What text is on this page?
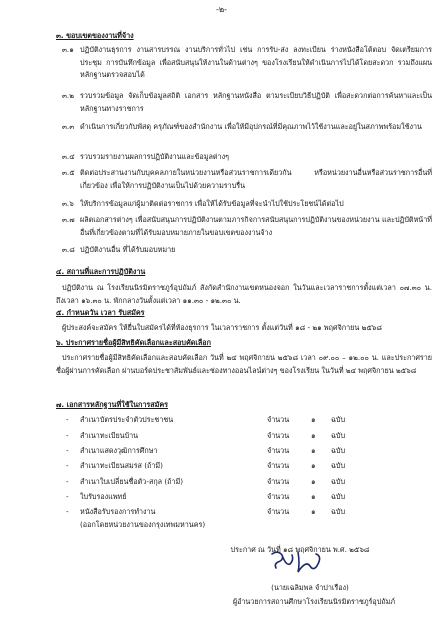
-๒-
๓. ขอบเขตของงานที่จ้าง
๓.๑ ปฏิบัติงานธุรการ งานสารบรรณ งานบริการทั่วไป เช่น การรับ-ส่ง ลงทะเบียน ร่างหนังสือโต้ตอบ จัดเตรียมการประชุม การบันทึกข้อมูล เพื่อสนับสนุนให้งานในด้านต่างๆ ของโรงเรียนให้ดำเนินการไปได้โดยสะดวก รวมถึงแผนหลักฐานตรวจสอบได้
๓.๒ รวบรวมข้อมูล จัดเก็บข้อมูลสถิติ เอกสาร หลักฐานหนังสือ ตามระเบียบวิธีปฏิบัติ เพื่อสะดวกต่อการค้นหาและเป็นหลักฐานทางราชการ
๓.๓ ดำเนินการเกี่ยวกับพัสดุ ครุภัณฑ์ของสำนักงาน เพื่อให้มีอุปกรณ์ที่มีคุณภาพไว้ใช้งานและอยู่ในสภาพพร้อมใช้งาน
๓.๔ รวบรวมรายงานผลการปฏิบัติงานและข้อมูลต่างๆ
๓.๕ ติดต่อประสานงานกับบุคคลภายในหน่วยงานหรือส่วนราชการเดียวกัน หรือหน่วยงานอื่นหรือส่วนราชการอื่นที่เกี่ยวข้อง เพื่อให้การปฏิบัติงานเป็นไปด้วยความราบรื่น
๓.๖ ให้บริการข้อมูลแก่ผู้มาติดต่อราชการ เพื่อให้ได้รับข้อมูลที่จะนำไปใช้ประโยชน์ได้ต่อไป
๓.๗ ผลิตเอกสารต่างๆ เพื่อสนับสนุนการปฏิบัติงานตามภารกิจการสนับสนุนการปฏิบัติงานของหน่วยงาน และปฏิบัติหน้าที่อื่นที่เกี่ยวข้องตามที่ได้รับมอบหมายภายในขอบเขตของงานจ้าง
๓.๘ ปฏิบัติงานอื่น ที่ได้รับมอบหมาย
๔. สถานที่และการปฏิบัติงาน
ปฏิบัติงาน ณ โรงเรียนนิรมิตราชภูร์อุปถัมภ์ สังกัดสำนักงานเขตหนองจอก ในวันและเวลาราชการตั้งแต่เวลา ๐๗.๓๐ น. ถึงเวลา ๑๖.๓๐ น. พักกลางวันตั้งแต่เวลา ๑๑.๓๐ - ๑๒.๓๐ น.
๕. กำหนดวัน เวลา รับสมัคร
ผู้ประสงค์จะสมัคร ให้ยื่นใบสมัครได้ที่ห้องธุรการ ในเวลาราชการ ตั้งแต่วันที่ ๑๘ - ๒๑ พฤศจิกายน ๒๕๖๘
๖. ประกาศรายชื่อผู้มีสิทธิคัดเลือกและสอบคัดเลือก
ประกาศรายชื่อผู้มีสิทธิคัดเลือกและสอบคัดเลือก วันที่ ๒๔ พฤศจิกายน ๒๕๖๘ เวลา ๐๙.๐๐ – ๑๒.๐๐ น. และประกาศรายชื่อผู้ผ่านการคัดเลือก ผ่านบอร์ดประชาสัมพันธ์และช่องทางออนไลน์ต่างๆ ของโรงเรียน ในวันที่ ๒๔ พฤศจิกายน ๒๕๖๘
๗. เอกสารหลักฐานที่ใช้ในการสมัคร
- สำเนาบัตรประจำตัวประชาชน	จำนวน	๑ ฉบับ
- สำเนาทะเบียนบ้าน	จำนวน	๑ ฉบับ
- สำเนาแสดงวุฒิการศึกษา	จำนวน	๑ ฉบับ
- สำเนาทะเบียนสมรส (ถ้ามี)	จำนวน	๑ ฉบับ
- สำเนาใบเปลี่ยนชื่อตัว-สกุล (ถ้ามี)	จำนวน	๑ ฉบับ
- ใบรับรองแพทย์	จำนวน	๑ ฉบับ
- หนังสือรับรองการทำงาน	จำนวน	๑ ฉบับ
(ออกโดยหน่วยงานของกรุงเทพมหานคร)
ประกาศ ณ วันที่ ๑๘ พฤศจิกายน พ.ศ. ๒๕๖๘
(นายเฉลิมพล จำปาเรือง)
ผู้อำนวยการสถานศึกษาโรงเรียนนิรมิตราชภูร์อุปถัมภ์
